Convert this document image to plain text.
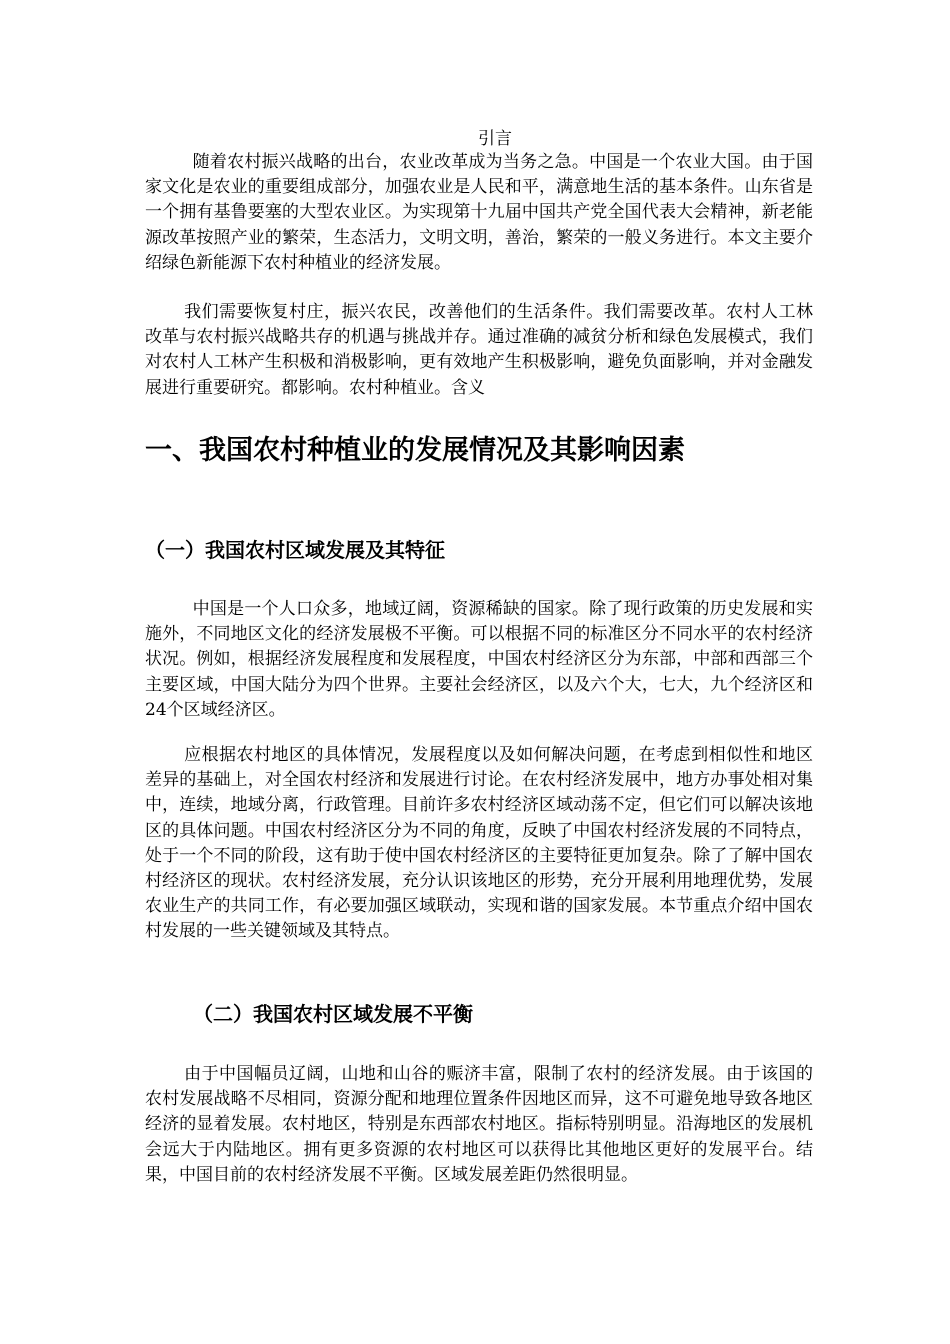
引言

随着农村振兴战略的出台，农业改革成为当务之急。中国是一个农业大国。由于国家文化是农业的重要组成部分，加强农业是人民和平，满意地生活的基本条件。山东省是一个拥有基鲁要塞的大型农业区。为实现第十九届中国共产党全国代表大会精神，新老能源改革按照产业的繁荣，生态活力，文明文明，善治，繁荣的一般义务进行。本文主要介绍绿色新能源下农村种植业的经济发展。

我们需要恢复村庄，振兴农民，改善他们的生活条件。我们需要改革。农村人工林改革与农村振兴战略共存的机遇与挑战并存。通过准确的减贫分析和绿色发展模式，我们对农村人工林产生积极和消极影响，更有效地产生积极影响，避免负面影响，并对金融发展进行重要研究。都影响。农村种植业。含义

一、我国农村种植业的发展情况及其影响因素
（一）我国农村区域发展及其特征

中国是一个人口众多，地域辽阔，资源稀缺的国家。除了现行政策的历史发展和实施外，不同地区文化的经济发展极不平衡。可以根据不同的标准区分不同水平的农村经济状况。例如，根据经济发展程度和发展程度，中国农村经济区分为东部，中部和西部三个主要区域，中国大陆分为四个世界。主要社会经济区，以及六个大，七大，九个经济区和24个区域经济区。

应根据农村地区的具体情况，发展程度以及如何解决问题，在考虑到相似性和地区差异的基础上，对全国农村经济和发展进行讨论。在农村经济发展中，地方办事处相对集中，连续，地域分离，行政管理。目前许多农村经济区域动荡不定，但它们可以解决该地区的具体问题。中国农村经济区分为不同的角度，反映了中国农村经济发展的不同特点，处于一个不同的阶段，这有助于使中国农村经济区的主要特征更加复杂。除了了解中国农村经济区的现状。农村经济发展，充分认识该地区的形势，充分开展利用地理优势，发展农业生产的共同工作，有必要加强区域联动，实现和谐的国家发展。本节重点介绍中国农村发展的一些关键领域及其特点。

（二）我国农村区域发展不平衡

由于中国幅员辽阔，山地和山谷的赈济丰富，限制了农村的经济发展。由于该国的农村发展战略不尽相同，资源分配和地理位置条件因地区而异，这不可避免地导致各地区经济的显着发展。农村地区，特别是东西部农村地区。指标特别明显。沿海地区的发展机会远大于内陆地区。拥有更多资源的农村地区可以获得比其他地区更好的发展平台。结果，中国目前的农村经济发展不平衡。区域发展差距仍然很明显。
